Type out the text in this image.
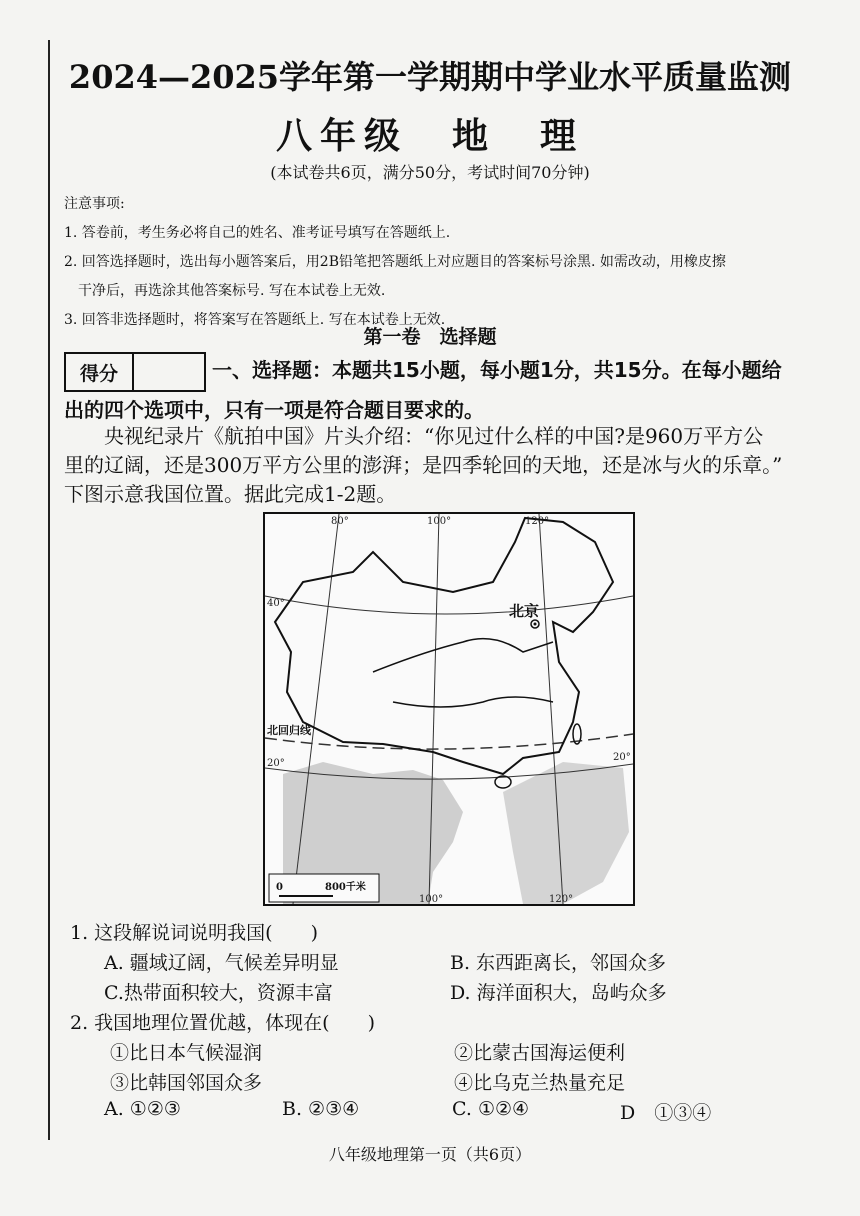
2024—2025学年第一学期期中学业水平质量监测
八年级　地　理
(本试卷共6页，满分50分，考试时间70分钟)
注意事项:
1. 答卷前，考生务必将自己的姓名、准考证号填写在答题纸上.
2. 回答选择题时，选出每小题答案后，用2B铅笔把答题纸上对应题目的答案标号涂黑. 如需改动，用橡皮擦
干净后，再选涂其他答案标号. 写在本试卷上无效.
3. 回答非选择题时，将答案写在答题纸上. 写在本试卷上无效.
第一卷　选择题
得分	一、选择题：本题共15小题，每小题1分，共15分。在每小题给
出的四个选项中，只有一项是符合题目要求的。
央视纪录片《航拍中国》片头介绍：“你见过什么样的中国?是960万平方公
里的辽阔，还是300万平方公里的澎湃；是四季轮回的天地，还是冰与火的乐章。”
下图示意我国位置。据此完成1-2题。
北京
80°	100°	120°
40°
20°
20°
北回归线
100°	120°
0	800千米
1. 这段解说词说明我国(　　)
A. 疆域辽阔，气候差异明显	B. 东西距离长，邻国众多
C.热带面积较大，资源丰富	D. 海洋面积大，岛屿众多
2. 我国地理位置优越，体现在(　　)
①比日本气候湿润	②比蒙古国海运便利
③比韩国邻国众多	④比乌克兰热量充足
A. ①②③	B. ②③④	C. ①②④	D　①③④
八年级地理第一页（共6页）
